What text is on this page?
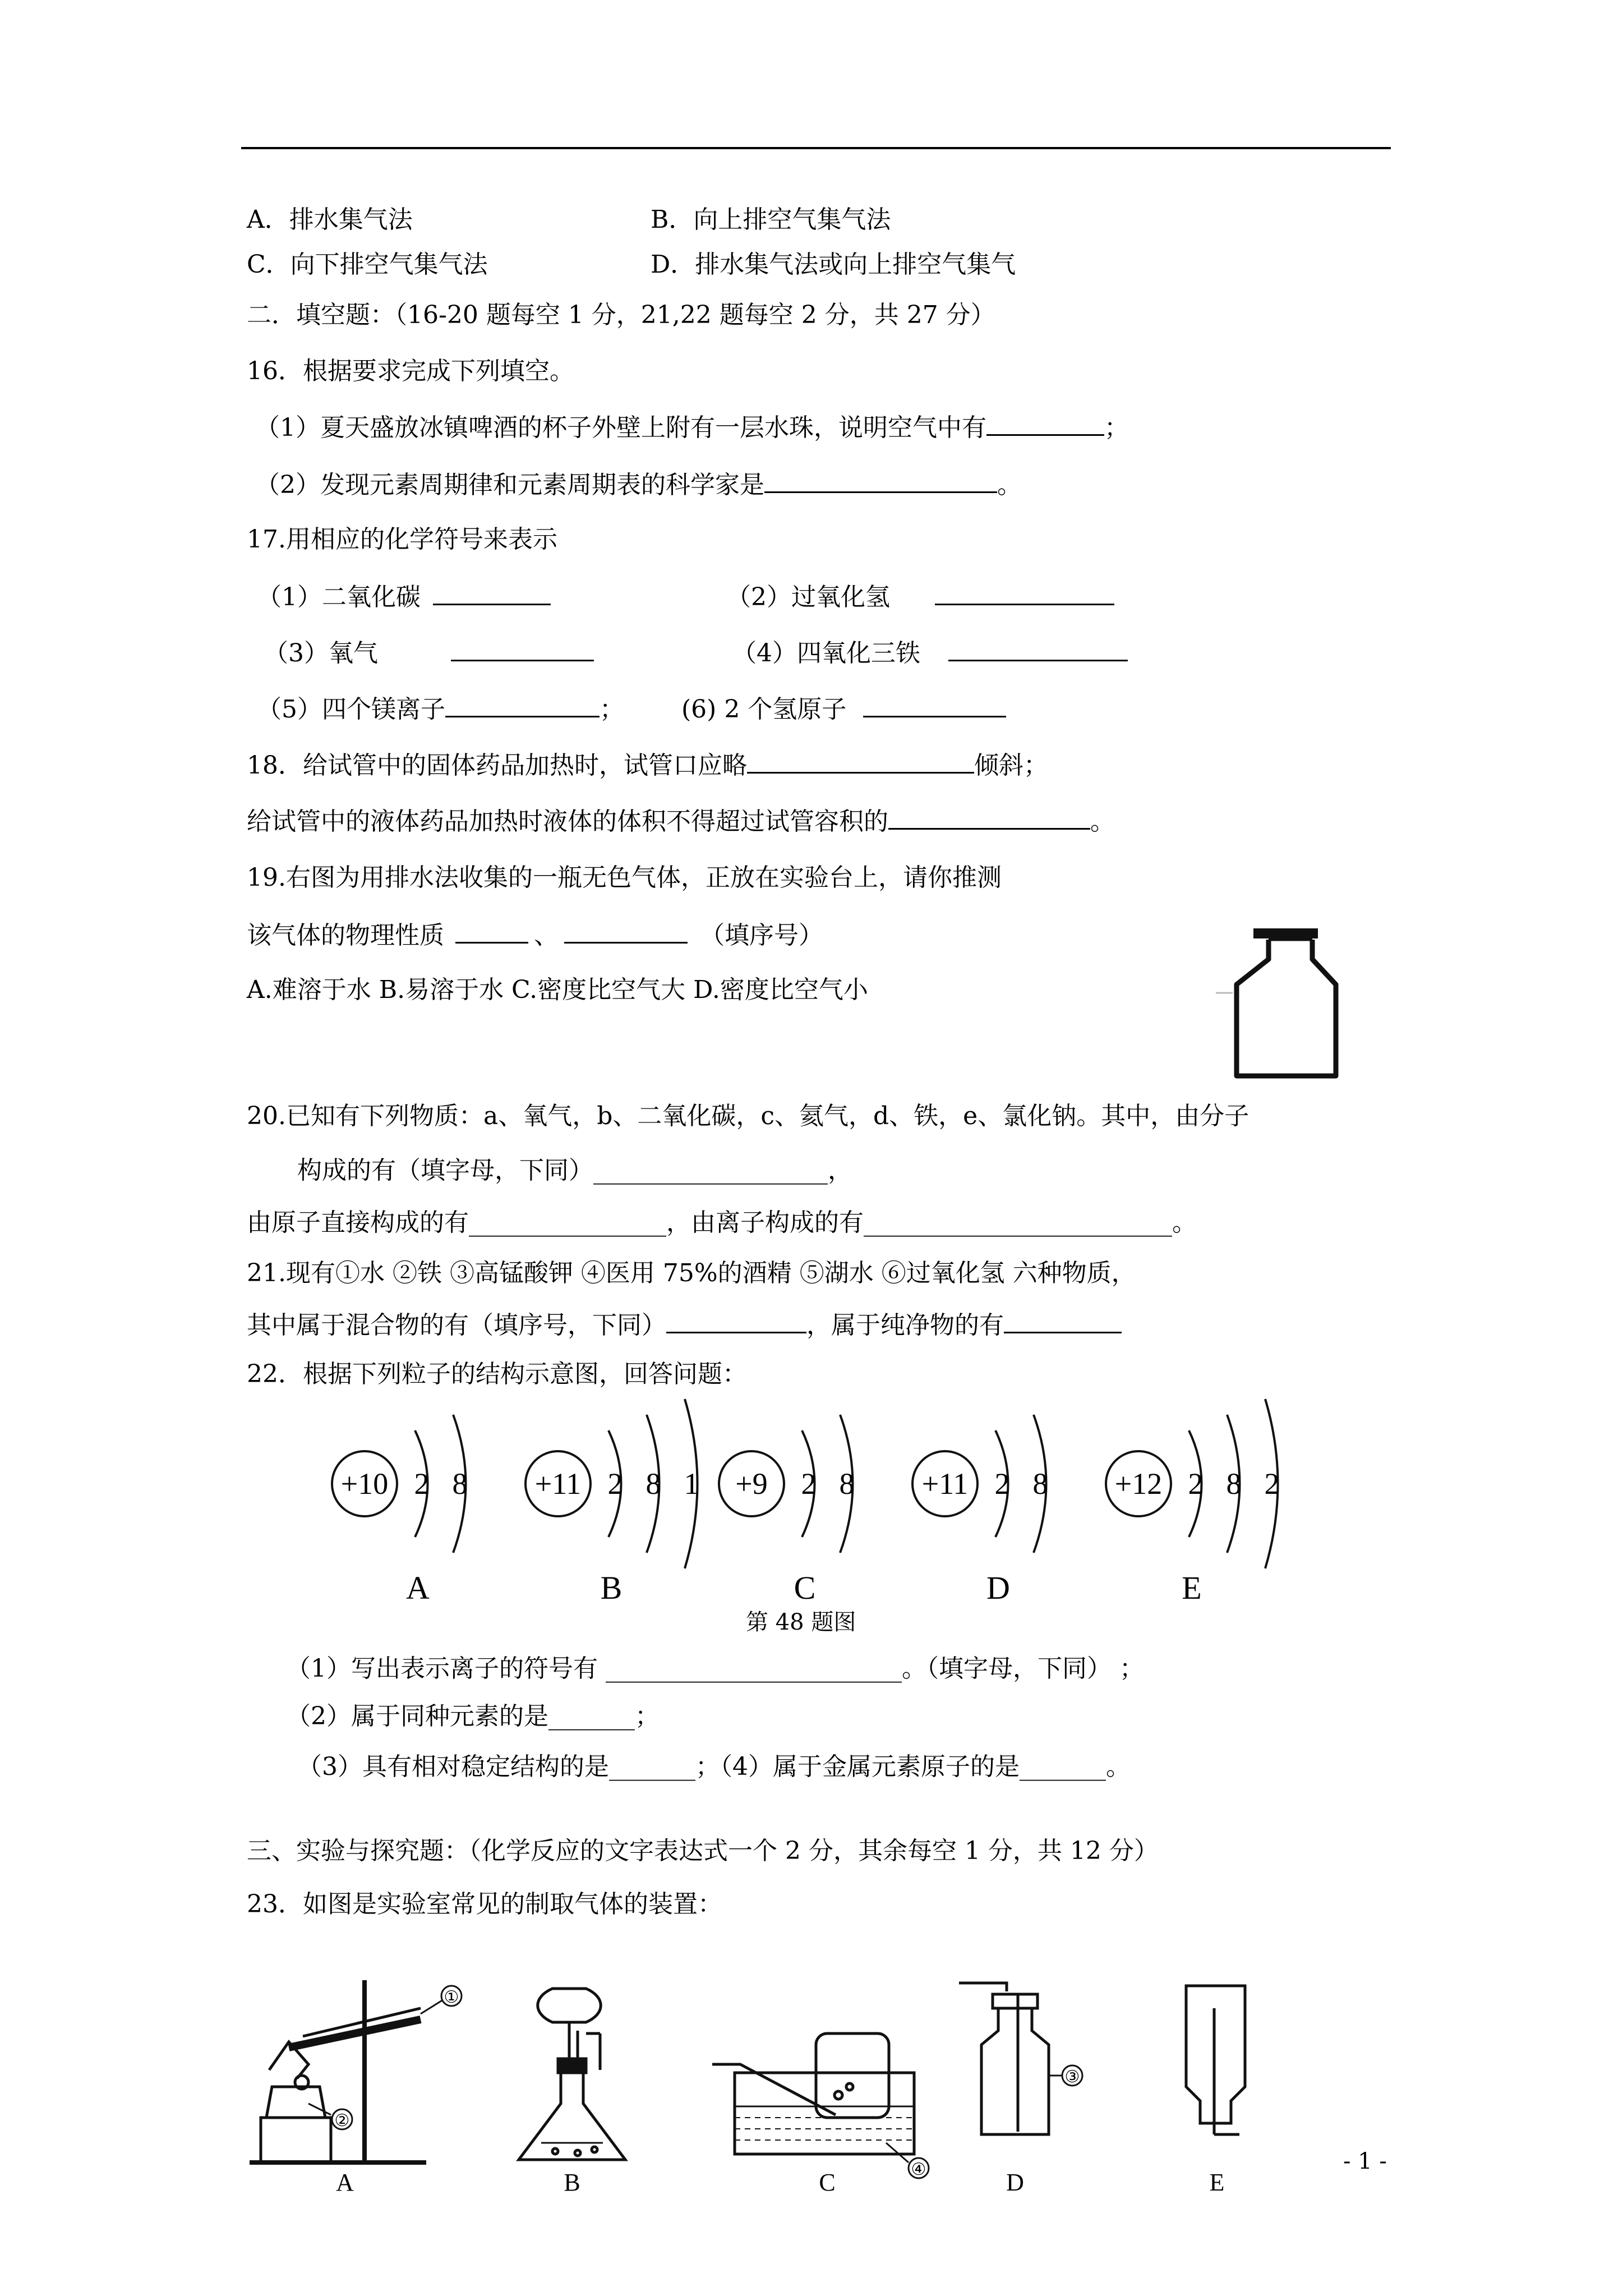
A．排水集气法	B．向上排空气集气法
C．向下排空气集气法	D．排水集气法或向上排空气集气
二．填空题：（16-20 题每空 1 分，21,22 题每空 2 分，共 27 分）
16．根据要求完成下列填空。
（1）夏天盛放冰镇啤酒的杯子外壁上附有一层水珠，说明空气中有	；
（2）发现元素周期律和元素周期表的科学家是	。
17.用相应的化学符号来表示
（1）二氧化碳	（2）过氧化氢
（3）氧气	（4）四氧化三铁
（5）四个镁离子	； (6) 2 个氢原子
18．给试管中的固体药品加热时，试管口应略	倾斜；
给试管中的液体药品加热时液体的体积不得超过试管容积的	。
19.右图为用排水法收集的一瓶无色气体，正放在实验台上，请你推测
该气体的物理性质	、	（填序号）
A.难溶于水 B.易溶于水 C.密度比空气大 D.密度比空气小
20.已知有下列物质：a、氧气，b、二氧化碳，c、氦气，d、铁，e、氯化钠。其中，由分子
构成的有（填字母，下同）___________________，
由原子直接构成的有________________，由离子构成的有_________________________。
21.现有①水 ②铁 ③高锰酸钾 ④医用 75%的酒精 ⑤湖水 ⑥过氧化氢 六种物质，
其中属于混合物的有（填序号，下同）	，属于纯净物的有
22．根据下列粒子的结构示意图，回答问题：
+10 2 8
A
+11 2 8 1
B
+9 2 8
C
+11 2 8
D
+12 2 8 2
E
第 48 题图
（1）写出表示离子的符号有 ________________________。（填字母，下同） ；
（2）属于同种元素的是_______；
（3）具有相对稳定结构的是_______；（4）属于金属元素原子的是_______。
三、实验与探究题：（化学反应的文字表达式一个 2 分，其余每空 1 分，共 12 分）
23．如图是实验室常见的制取气体的装置：
①
②
④
③
A	B	C	D	E
- 1 -
